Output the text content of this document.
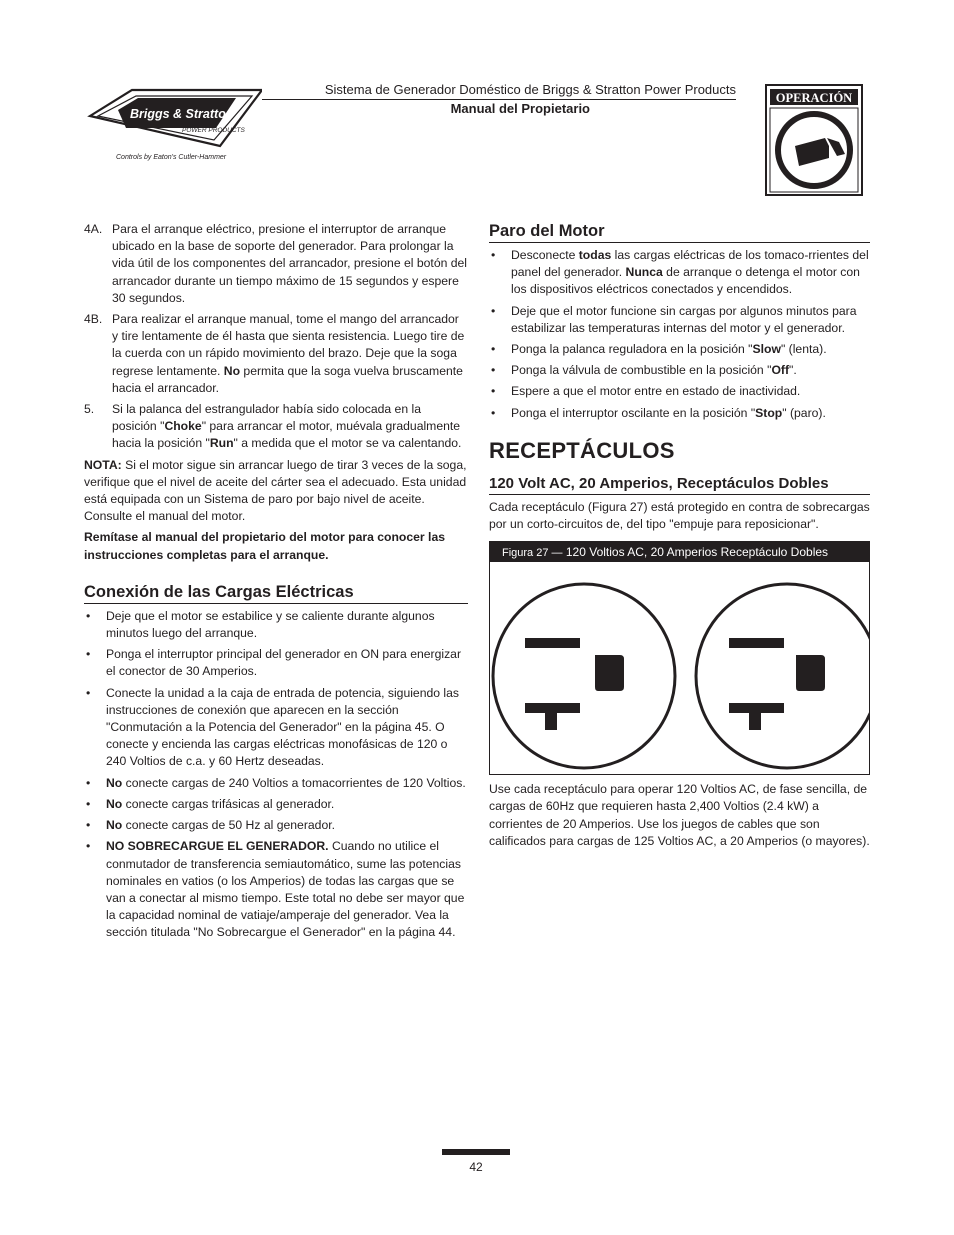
Briggs & Stratton
POWER PRODUCTS
Controls by Eaton's Cutler-Hammer
Sistema de Generador Doméstico de Briggs & Stratton Power Products
Manual del Propietario
OPERACIÓN
4A. Para el arranque eléctrico, presione el interruptor de arranque ubicado en la base de soporte del generador. Para prolongar la vida útil de los componentes del arrancador, presione el botón del arrancador durante un tiempo máximo de 15 segundos y espere 30 segundos.
4B. Para realizar el arranque manual, tome el mango del arrancador y tire lentamente de él hasta que sienta resistencia. Luego tire de la cuerda con un rápido movimiento del brazo. Deje que la soga regrese lentamente. No permita que la soga vuelva bruscamente hacia el arrancador.
5. Si la palanca del estrangulador había sido colocada en la posición "Choke" para arrancar el motor, muévala gradualmente hacia la posición "Run" a medida que el motor se va calentando.
NOTA: Si el motor sigue sin arrancar luego de tirar 3 veces de la soga, verifique que el nivel de aceite del cárter sea el adecuado. Esta unidad está equipada con un Sistema de paro por bajo nivel de aceite. Consulte el manual del motor.
Remítase al manual del propietario del motor para conocer las instrucciones completas para el arranque.
Conexión de las Cargas Eléctricas
• Deje que el motor se estabilice y se caliente durante algunos minutos luego del arranque.
• Ponga el interruptor principal del generador en ON para energizar el conector de 30 Amperios.
• Conecte la unidad a la caja de entrada de potencia, siguiendo las instrucciones de conexión que aparecen en la sección "Conmutación a la Potencia del Generador" en la página 45. O conecte y encienda las cargas eléctricas monofásicas de 120 o 240 Voltios de c.a. y 60 Hertz deseadas.
• No conecte cargas de 240 Voltios a tomacorrientes de 120 Voltios.
• No conecte cargas trifásicas al generador.
• No conecte cargas de 50 Hz al generador.
• NO SOBRECARGUE EL GENERADOR. Cuando no utilice el conmutador de transferencia semiautomático, sume las potencias nominales en vatios (o los Amperios) de todas las cargas que se van a conectar al mismo tiempo. Este total no debe ser mayor que la capacidad nominal de vatiaje/amperaje del generador. Vea la sección titulada "No Sobrecargue el Generador" en la página 44.
Paro del Motor
• Desconecte todas las cargas eléctricas de los tomaco-rrientes del panel del generador. Nunca de arranque o detenga el motor con los dispositivos eléctricos conectados y encendidos.
• Deje que el motor funcione sin cargas por algunos minutos para estabilizar las temperaturas internas del motor y el generador.
• Ponga la palanca reguladora en la posición "Slow" (lenta).
• Ponga la válvula de combustible en la posición "Off".
• Espere a que el motor entre en estado de inactividad.
• Ponga el interruptor oscilante en la posición "Stop" (paro).
RECEPTÁCULOS
120 Volt AC, 20 Amperios, Receptáculos Dobles
Cada receptáculo (Figura 27) está protegido en contra de sobrecargas por un corto-circuitos de, del tipo "empuje para reposicionar".
Figura 27 — 120 Voltios AC, 20 Amperios Receptáculo Dobles
Use cada receptáculo para operar 120 Voltios AC, de fase sencilla, de cargas de 60Hz que requieren hasta 2,400 Voltios (2.4 kW) a corrientes de 20 Amperios. Use los juegos de cables que son calificados para cargas de 125 Voltios AC, a 20 Amperios (o mayores).
42
